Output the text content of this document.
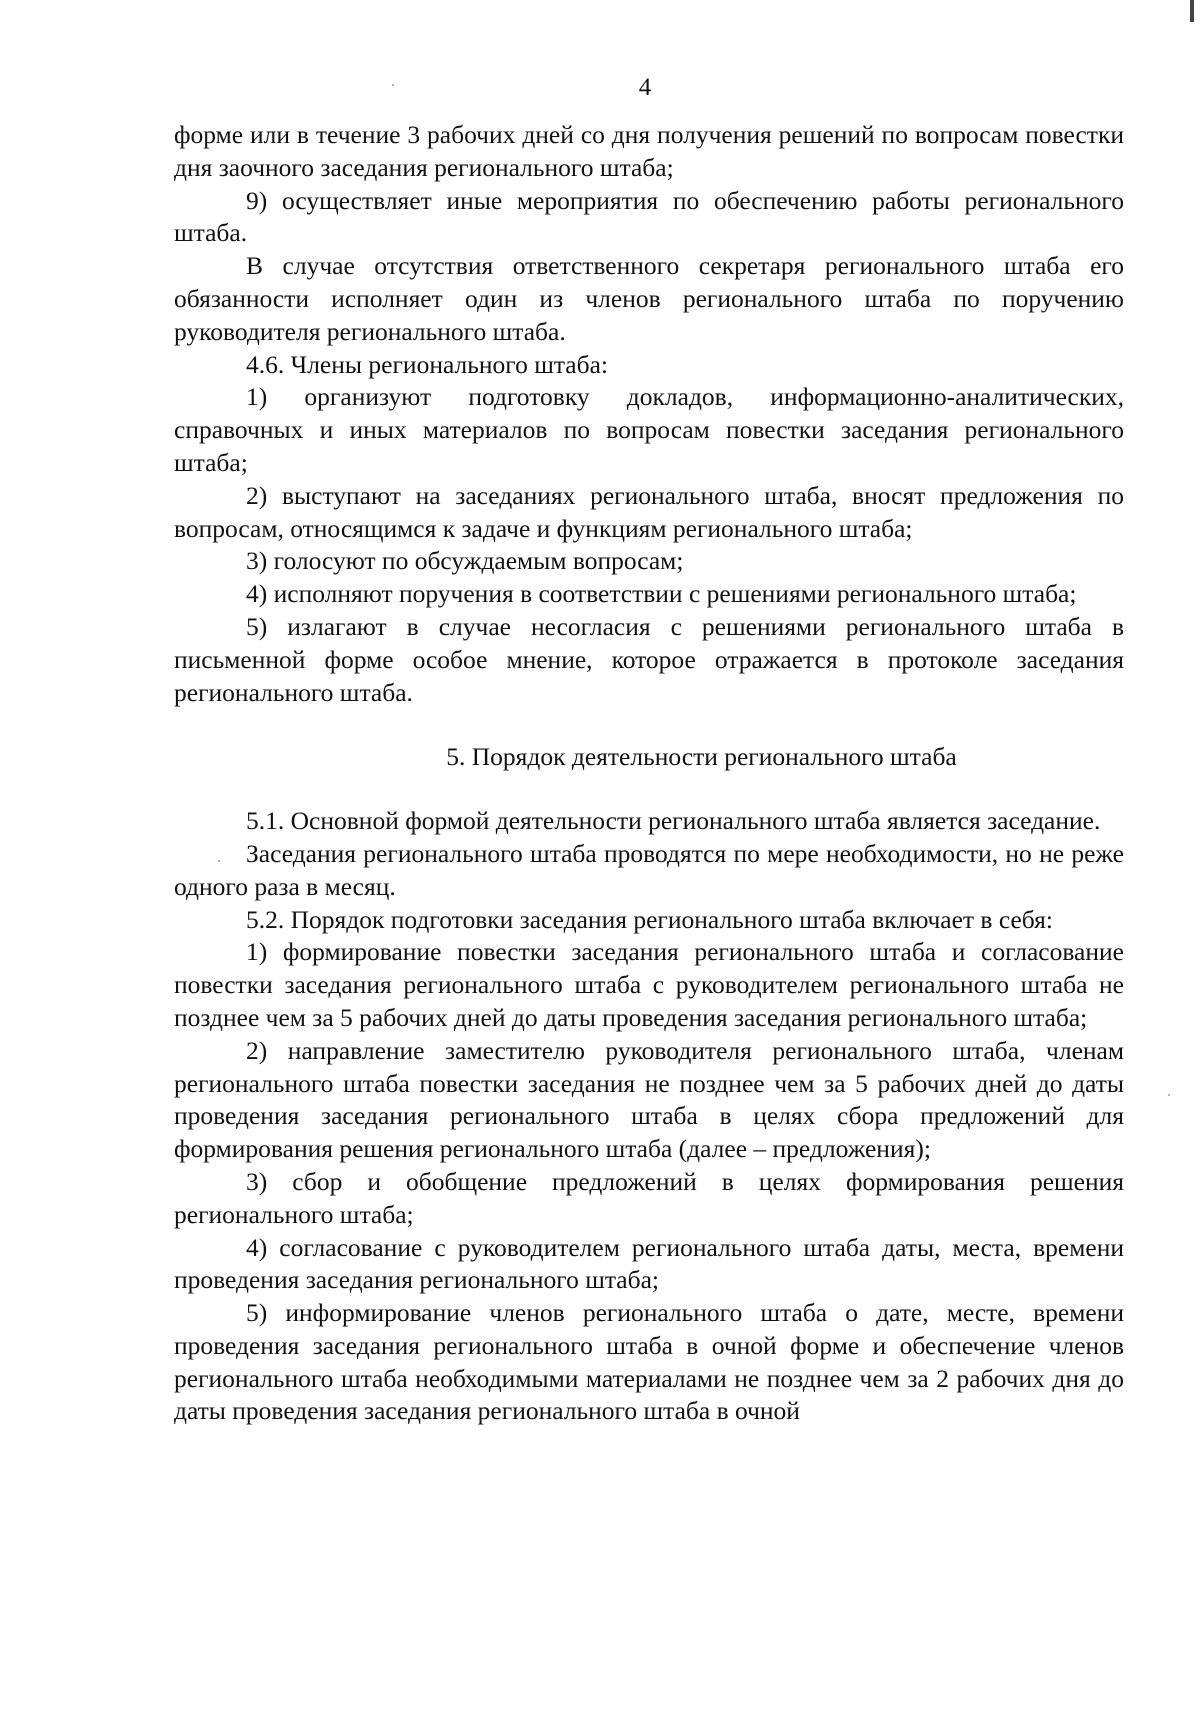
4

форме или в течение 3 рабочих дней со дня получения решений по вопросам повестки дня заочного заседания регионального штаба;

9) осуществляет иные мероприятия по обеспечению работы регионального штаба.

В случае отсутствия ответственного секретаря регионального штаба его обязанности исполняет один из членов регионального штаба по поручению руководителя регионального штаба.

4.6. Члены регионального штаба:

1) организуют подготовку докладов, информационно-аналитических, справочных и иных материалов по вопросам повестки заседания регионального штаба;

2) выступают на заседаниях регионального штаба, вносят предложения по вопросам, относящимся к задаче и функциям регионального штаба;

3) голосуют по обсуждаемым вопросам;

4) исполняют поручения в соответствии с решениями регионального штаба;

5) излагают в случае несогласия с решениями регионального штаба в письменной форме особое мнение, которое отражается в протоколе заседания регионального штаба.

5. Порядок деятельности регионального штаба

5.1. Основной формой деятельности регионального штаба является заседание.

Заседания регионального штаба проводятся по мере необходимости, но не реже одного раза в месяц.

5.2. Порядок подготовки заседания регионального штаба включает в себя:

1) формирование повестки заседания регионального штаба и согласование повестки заседания регионального штаба с руководителем регионального штаба не позднее чем за 5 рабочих дней до даты проведения заседания регионального штаба;

2) направление заместителю руководителя регионального штаба, членам регионального штаба повестки заседания не позднее чем за 5 рабочих дней до даты проведения заседания регионального штаба в целях сбора предложений для формирования решения регионального штаба (далее – предложения);

3) сбор и обобщение предложений в целях формирования решения регионального штаба;

4) согласование с руководителем регионального штаба даты, места, времени проведения заседания регионального штаба;

5) информирование членов регионального штаба о дате, месте, времени проведения заседания регионального штаба в очной форме и обеспечение членов регионального штаба необходимыми материалами не позднее чем за 2 рабочих дня до даты проведения заседания регионального штаба в очной
